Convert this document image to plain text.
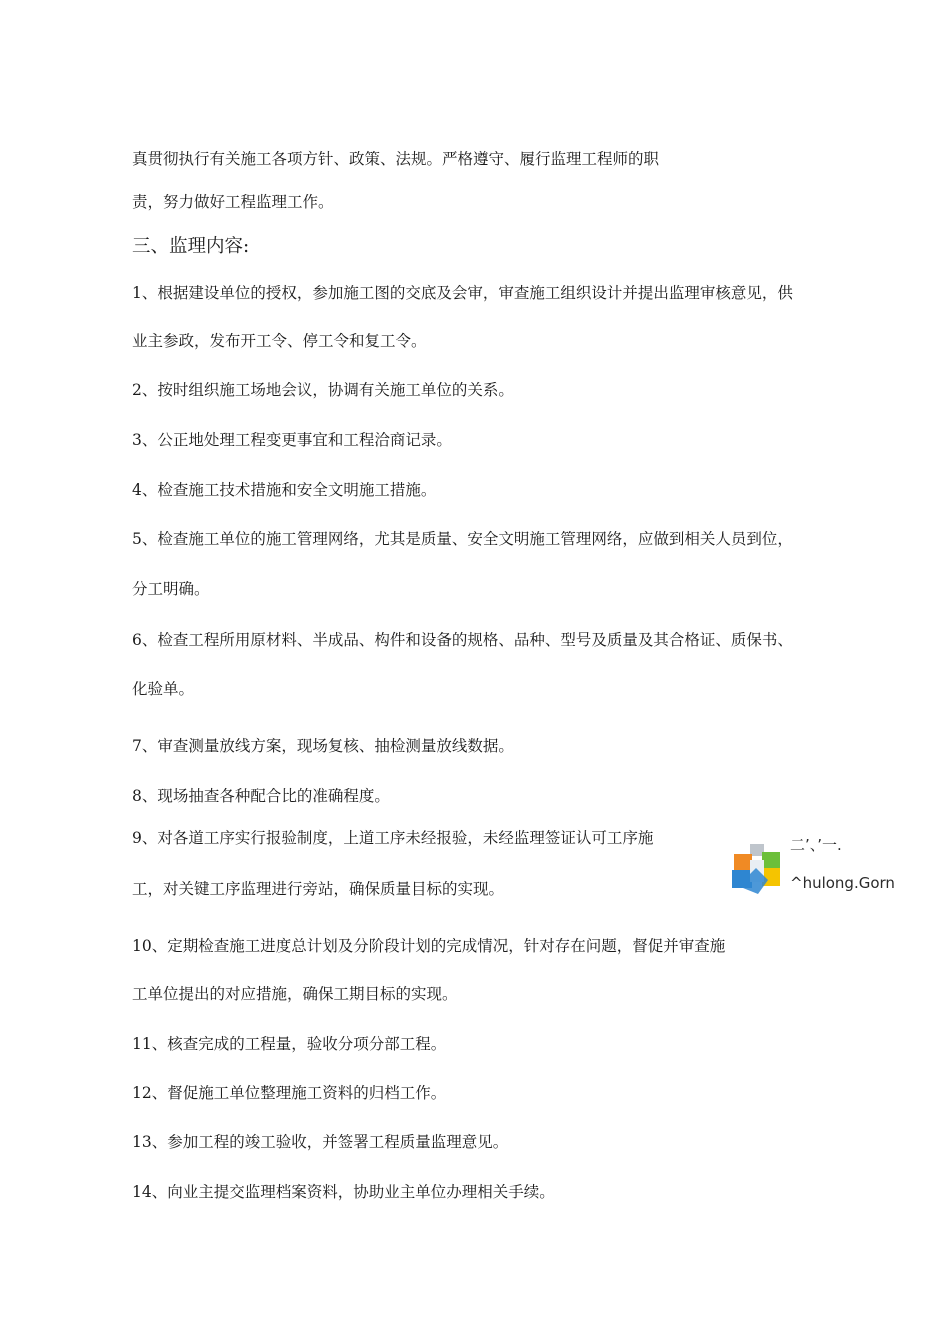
真贯彻执行有关施工各项方针、政策、法规。严格遵守、履行监理工程师的职
责，努力做好工程监理工作。
三、监理内容:
1、根据建设单位的授权，参加施工图的交底及会审，审查施工组织设计并提出监理审核意见，供
业主参政，发布开工令、停工令和复工令。
2、按时组织施工场地会议，协调有关施工单位的关系。
3、公正地处理工程变更事宜和工程洽商记录。
4、检查施工技术措施和安全文明施工措施。
5、检查施工单位的施工管理网络，尤其是质量、安全文明施工管理网络，应做到相关人员到位，
分工明确。
6、检查工程所用原材料、半成品、构件和设备的规格、品种、型号及质量及其合格证、质保书、
化验单。
7、审查测量放线方案，现场复核、抽检测量放线数据。
8、现场抽查各种配合比的准确程度。
9、对各道工序实行报验制度，上道工序未经报验，未经监理签证认可工序施
工，对关键工序监理进行旁站，确保质量目标的实现。
10、定期检查施工进度总计划及分阶段计划的完成情况，针对存在问题，督促并审查施
工单位提出的对应措施，确保工期目标的实现。
11、核查完成的工程量，验收分项分部工程。
12、督促施工单位整理施工资料的归档工作。
13、参加工程的竣工验收，并签署工程质量监理意见。
14、向业主提交监理档案资料，协助业主单位办理相关手续。
二’、’一.
^hulong.Gorn
